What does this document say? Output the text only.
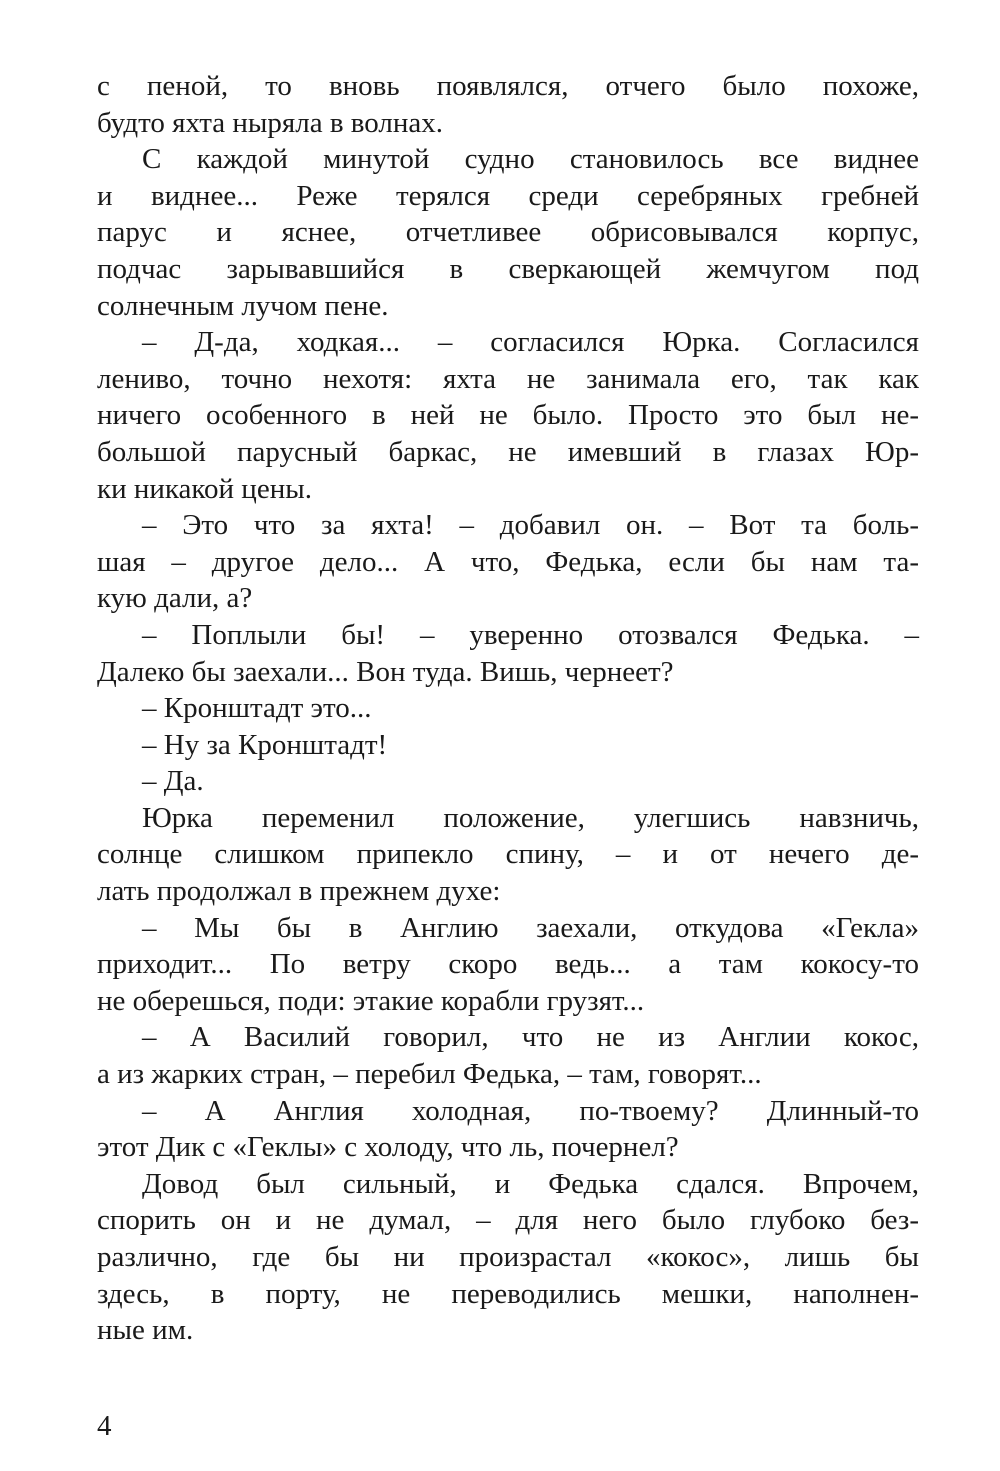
с пеной, то вновь появлялся, отчего было похоже,
будто яхта ныряла в волнах.
С каждой минутой судно становилось все виднее
и виднее... Реже терялся среди серебряных гребней
парус и яснее, отчетливее обрисовывался корпус,
подчас зарывавшийся в сверкающей жемчугом под
солнечным лучом пене.
– Д-да, ходкая... – согласился Юрка. Согласился
лениво, точно нехотя: яхта не занимала его, так как
ничего особенного в ней не было. Просто это был не-
большой парусный баркас, не имевший в глазах Юр-
ки никакой цены.
– Это что за яхта! – добавил он. – Вот та боль-
шая – другое дело... А что, Федька, если бы нам та-
кую дали, а?
– Поплыли бы! – уверенно отозвался Федька. –
Далеко бы заехали... Вон туда. Вишь, чернеет?
– Кронштадт это...
– Ну за Кронштадт!
– Да.
Юрка переменил положение, улегшись навзничь,
солнце слишком припекло спину, – и от нечего де-
лать продолжал в прежнем духе:
– Мы бы в Англию заехали, откудова «Гекла»
приходит... По ветру скоро ведь... а там кокосу-то
не оберешься, поди: этакие корабли грузят...
– А Василий говорил, что не из Англии кокос,
а из жарких стран, – перебил Федька, – там, говорят...
– А Англия холодная, по-твоему? Длинный-то
этот Дик с «Геклы» с холоду, что ль, почернел?
Довод был сильный, и Федька сдался. Впрочем,
спорить он и не думал, – для него было глубоко без-
различно, где бы ни произрастал «кокос», лишь бы
здесь, в порту, не переводились мешки, наполнен-
ные им.
4
